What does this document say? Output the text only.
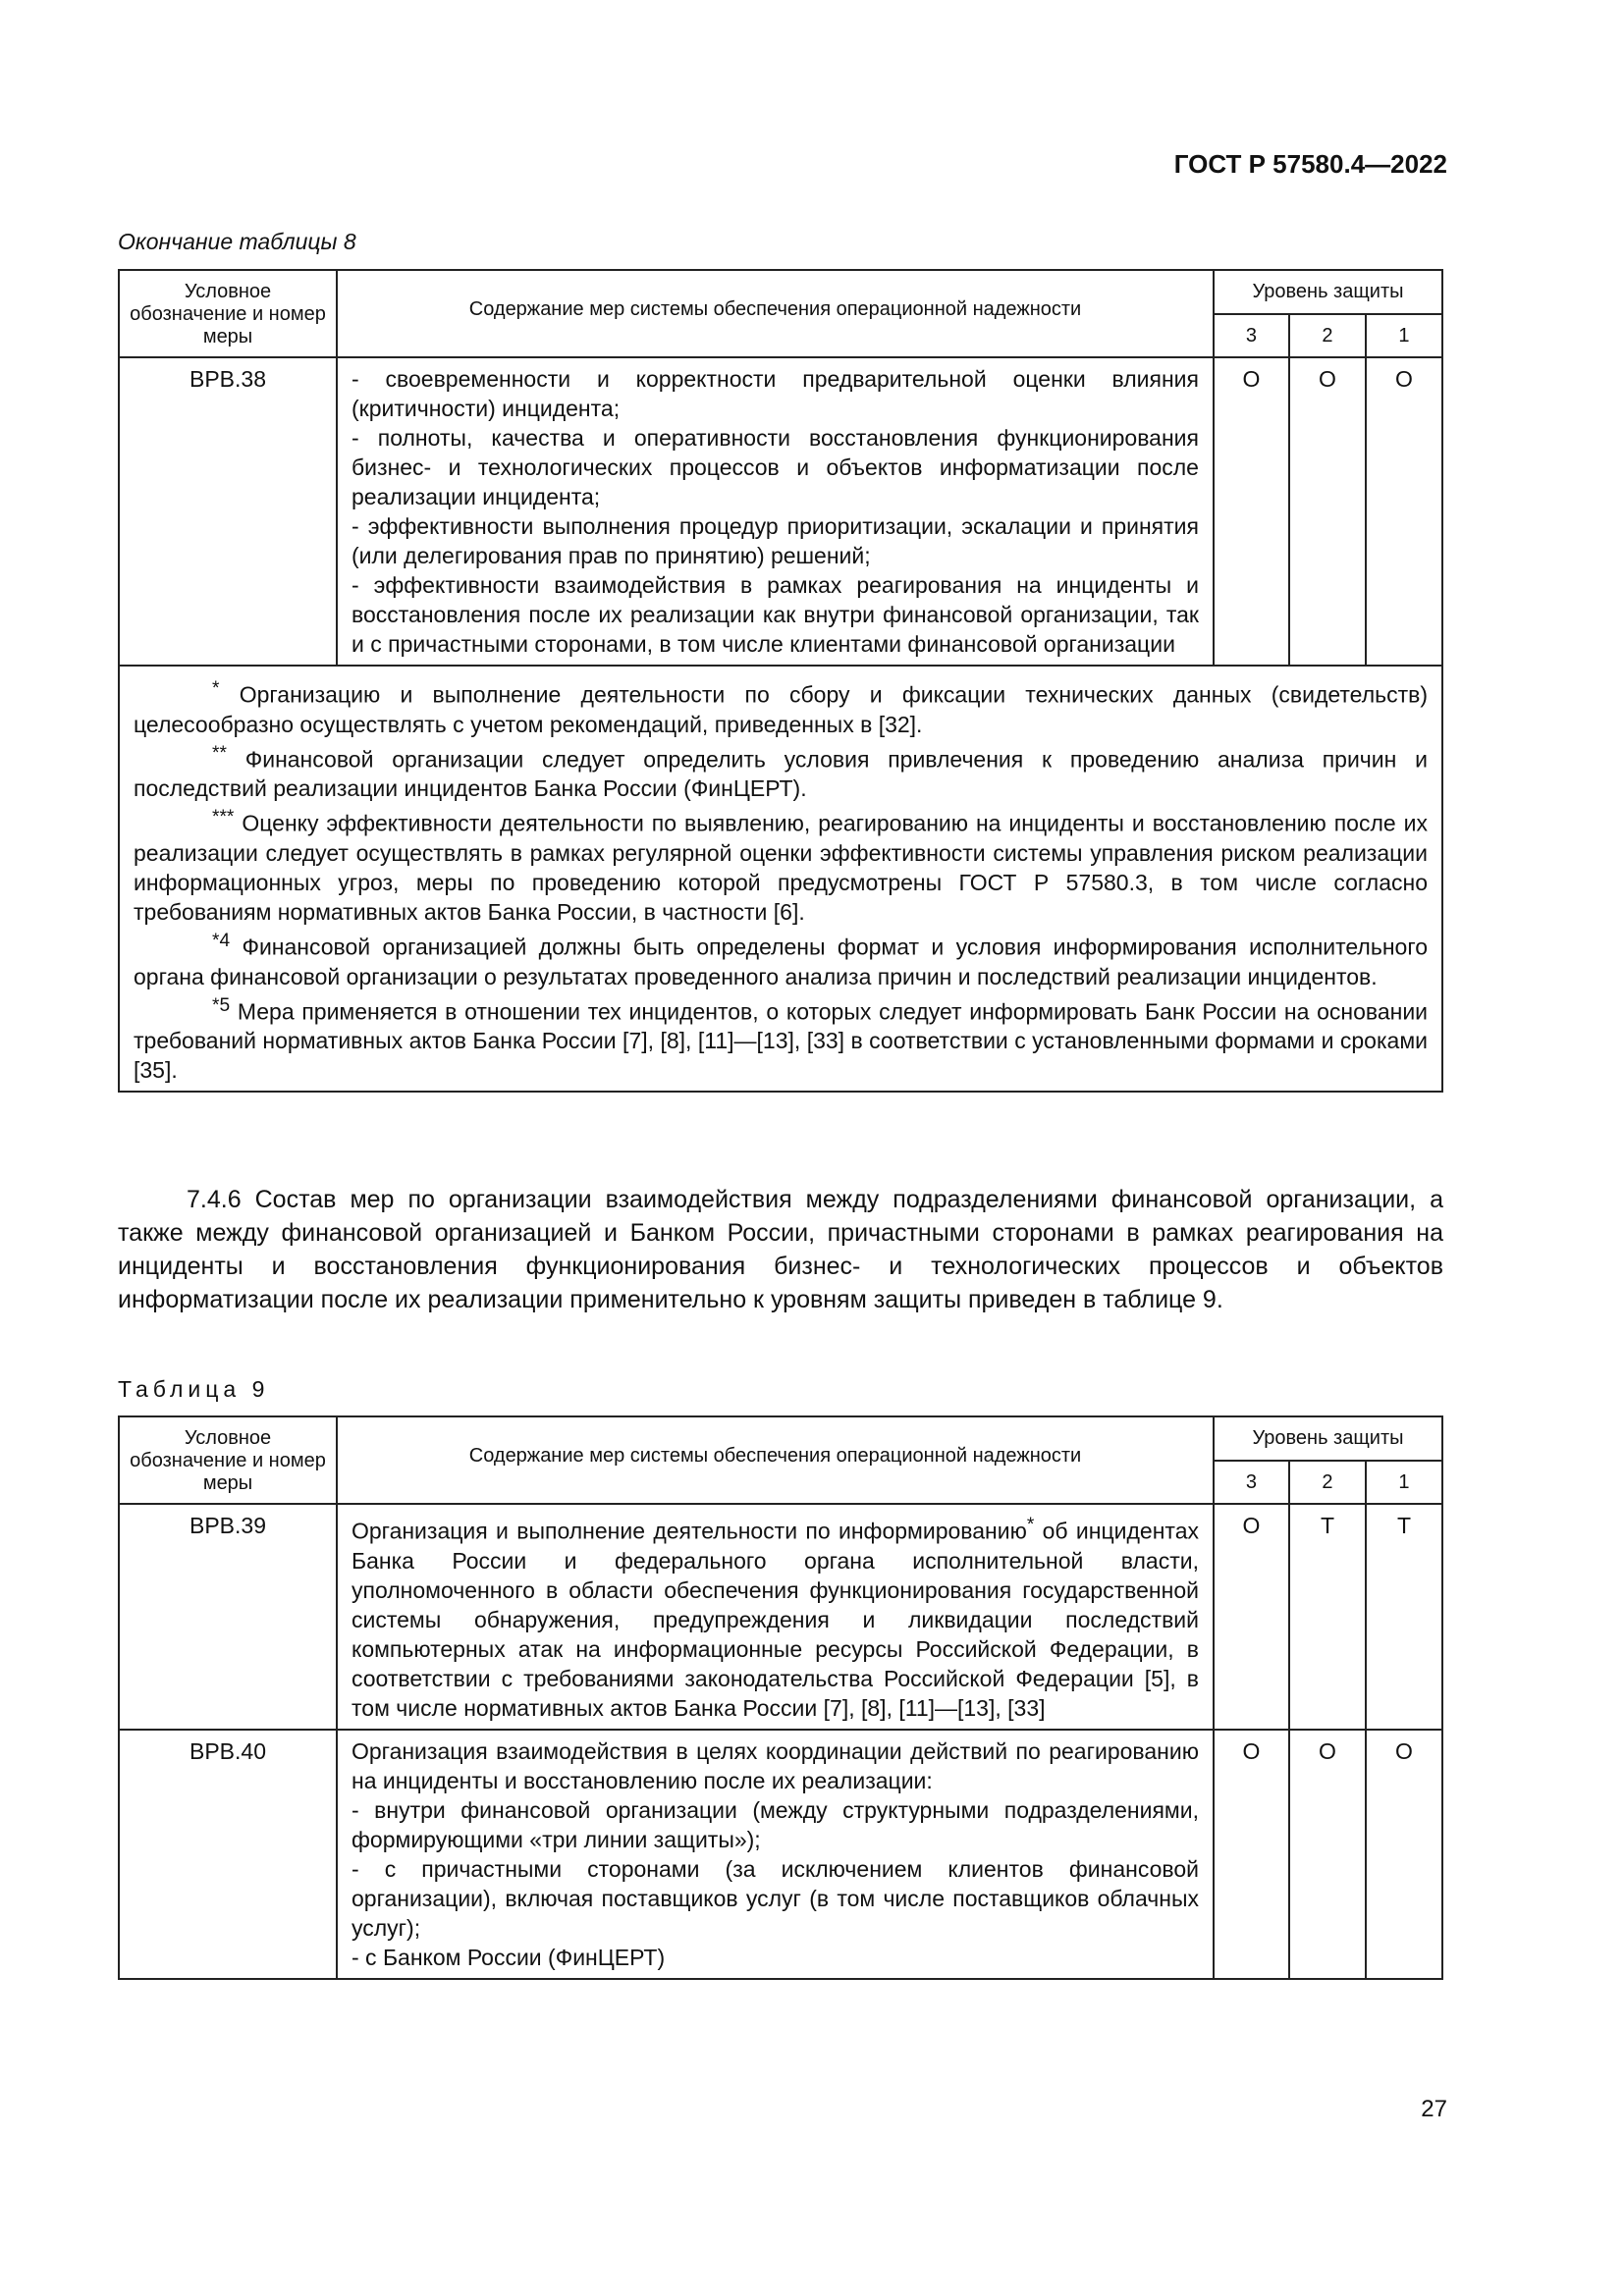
ГОСТ Р 57580.4—2022
Окончание таблицы 8
Условное обозначение и номер меры	Содержание мер системы обеспечения операционной надежности	Уровень защиты		
		3	2	1
ВРВ.38	- своевременности и корректности предварительной оценки влияния (критичности) инцидента;
- полноты, качества и оперативности восстановления функционирования бизнес- и технологических процессов и объектов информатизации после реализации инцидента;
- эффективности выполнения процедур приоритизации, эскалации и принятия (или делегирования прав по принятию) решений;
- эффективности взаимодействия в рамках реагирования на инциденты и восстановления после их реализации как внутри финансовой организации, так и с причастными сторонами, в том числе клиентами финансовой организации	О	О	О

* Организацию и выполнение деятельности по сбору и фиксации технических данных (свидетельств) целесообразно осуществлять с учетом рекомендаций, приведенных в [32].

** Финансовой организации следует определить условия привлечения к проведению анализа причин и последствий реализации инцидентов Банка России (ФинЦЕРТ).

*** Оценку эффективности деятельности по выявлению, реагированию на инциденты и восстановлению после их реализации следует осуществлять в рамках регулярной оценки эффективности системы управления риском реализации информационных угроз, меры по проведению которой предусмотрены ГОСТ Р 57580.3, в том числе согласно требованиям нормативных актов Банка России, в частности [6].

$^{*4}$ Финансовой организацией должны быть определены формат и условия информирования исполнительного органа финансовой организации о результатах проведенного анализа причин и последствий реализации инцидентов.

$^{*5}$ Мера применяется в отношении тех инцидентов, о которых следует информировать Банк России на основании требований нормативных актов Банка России [7], [8], [11]—[13], [33] в соответствии с установленными формами и сроками [35].				

7.4.6 Состав мер по организации взаимодействия между подразделениями финансовой организации, а также между финансовой организацией и Банком России, причастными сторонами в рамках реагирования на инциденты и восстановления функционирования бизнес- и технологических процессов и объектов информатизации после их реализации применительно к уровням защиты приведен в таблице 9.
Таблица 9
Условное обозначение и номер меры	Содержание мер системы обеспечения операционной надежности	Уровень защиты		
		3	2	1
ВРВ.39	Организация и выполнение деятельности по информированию* об инцидентах Банка России и федерального органа исполнительной власти, уполномоченного в области обеспечения функционирования государственной системы обнаружения, предупреждения и ликвидации последствий компьютерных атак на информационные ресурсы Российской Федерации, в соответствии с требованиями законодательства Российской Федерации [5], в том числе нормативных актов Банка России [7], [8], [11]—[13], [33]	О	Т	Т
ВРВ.40	Организация взаимодействия в целях координации действий по реагированию на инциденты и восстановлению после их реализации:
- внутри финансовой организации (между структурными подразделениями, формирующими «три линии защиты»);
- с причастными сторонами (за исключением клиентов финансовой организации), включая поставщиков услуг (в том числе поставщиков облачных услуг);
- с Банком России (ФинЦЕРТ)	О	О	О
27
